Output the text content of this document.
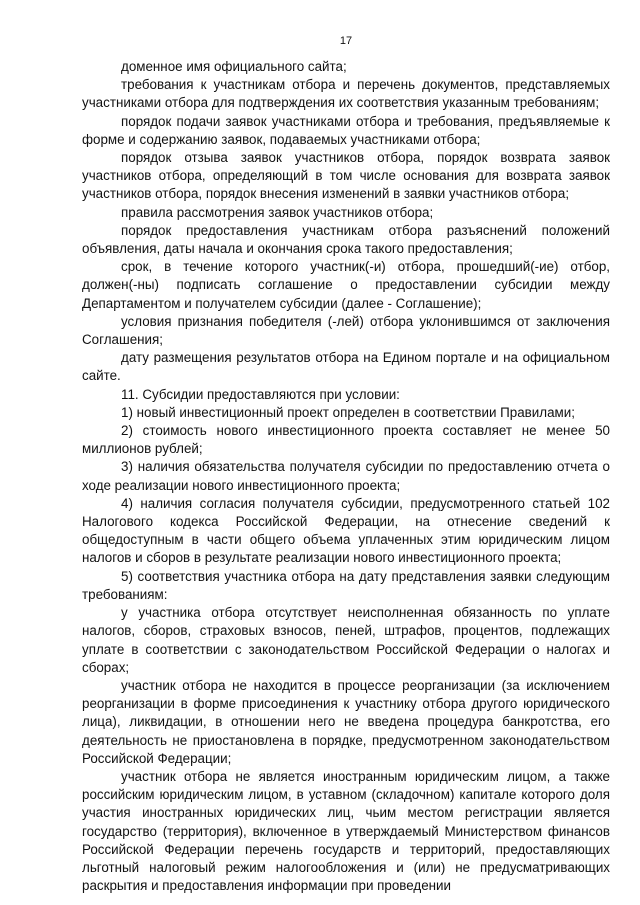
17

доменное имя официального сайта;

требования к участникам отбора и перечень документов, представляемых участниками отбора для подтверждения их соответствия указанным требованиям;

порядок подачи заявок участниками отбора и требования, предъявляемые к форме и содержанию заявок, подаваемых участниками отбора;

порядок отзыва заявок участников отбора, порядок возврата заявок участников отбора, определяющий в том числе основания для возврата заявок участников отбора, порядок внесения изменений в заявки участников отбора;

правила рассмотрения заявок участников отбора;

порядок предоставления участникам отбора разъяснений положений объявления, даты начала и окончания срока такого предоставления;

срок, в течение которого участник(-и) отбора, прошедший(-ие) отбор, должен(-ны) подписать соглашение о предоставлении субсидии между Департаментом и получателем субсидии (далее - Соглашение);

условия признания победителя (-лей) отбора уклонившимся от заключения Соглашения;

дату размещения результатов отбора на Едином портале и на официальном сайте.

11. Субсидии предоставляются при условии:

1) новый инвестиционный проект определен в соответствии Правилами;

2) стоимость нового инвестиционного проекта составляет не менее 50 миллионов рублей;

3) наличия обязательства получателя субсидии по предоставлению отчета о ходе реализации нового инвестиционного проекта;

4) наличия согласия получателя субсидии, предусмотренного статьей 102 Налогового кодекса Российской Федерации, на отнесение сведений к общедоступным в части общего объема уплаченных этим юридическим лицом налогов и сборов в результате реализации нового инвестиционного проекта;

5) соответствия участника отбора на дату представления заявки следующим требованиям:

у участника отбора отсутствует неисполненная обязанность по уплате налогов, сборов, страховых взносов, пеней, штрафов, процентов, подлежащих уплате в соответствии с законодательством Российской Федерации о налогах и сборах;

участник отбора не находится в процессе реорганизации (за исключением реорганизации в форме присоединения к участнику отбора другого юридического лица), ликвидации, в отношении него не введена процедура банкротства, его деятельность не приостановлена в порядке, предусмотренном законодательством Российской Федерации;

участник отбора не является иностранным юридическим лицом, а также российским юридическим лицом, в уставном (складочном) капитале которого доля участия иностранных юридических лиц, чьим местом регистрации является государство (территория), включенное в утверждаемый Министерством финансов Российской Федерации перечень государств и территорий, предоставляющих льготный налоговый режим налогообложения и (или) не предусматривающих раскрытия и предоставления информации при проведении
